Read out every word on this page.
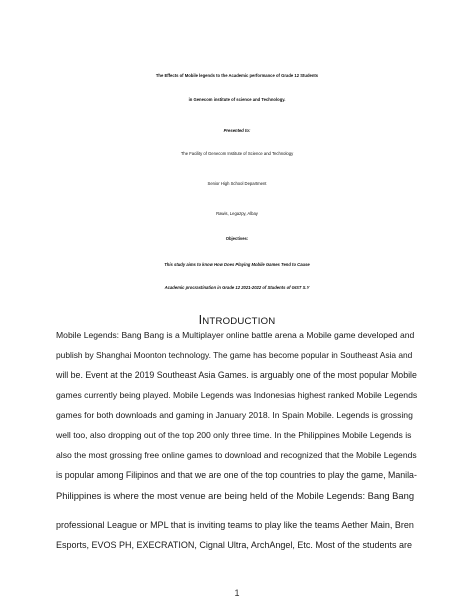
The Effects of Mobile legends to the Academic performance of Grade 12 Students
in Genecom institute of science and Technology.
Presented to:
The Facility of Genecom Institute of Science and Technology
Senior High School Department
Rawis, Legazpy, Albay
Objectives:
This study aims to know How Does Playing Mobile Games Tend to Cause
Academic procrastination in Grade 12 2021-2022 of Students of GIST S.Y
INTRODUCTION
Mobile Legends: Bang Bang is a Multiplayer online battle arena a Mobile game developed and
publish by Shanghai Moonton technology. The game has become popular in Southeast Asia and
will be. Event at the 2019 Southeast Asia Games. is arguably one of the most popular Mobile
games currently being played. Mobile Legends was Indonesias highest ranked Mobile Legends
games for both downloads and gaming in January 2018. In Spain Mobile. Legends is grossing
well too, also dropping out of the top 200 only three time. In the Philippines Mobile Legends is
also the most grossing free online games to download and recognized that the Mobile Legends
is popular among Filipinos and that we are one of the top countries to play the game, Manila-
Philippines is where the most venue are being held of the Mobile Legends: Bang Bang
professional League or MPL that is inviting teams to play like the teams Aether Main, Bren
Esports, EVOS PH, EXECRATION, Cignal Ultra, ArchAngel, Etc. Most of the students are
1
